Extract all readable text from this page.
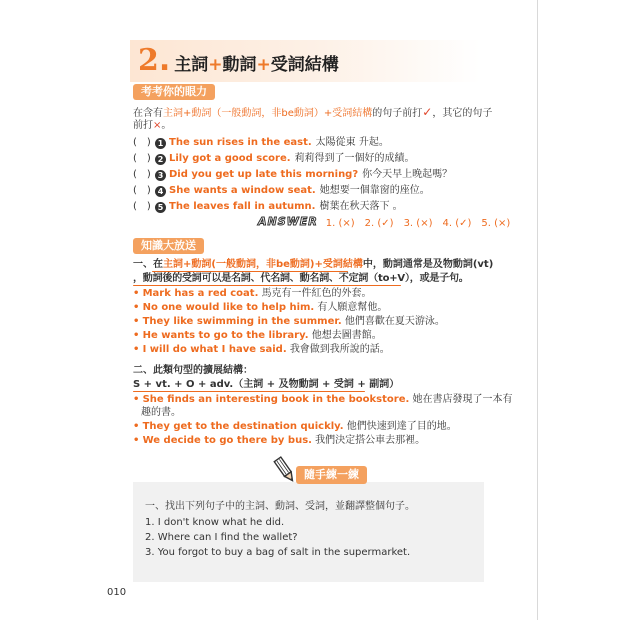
2 . 主詞 + 動詞 + 受詞結構
考考你的眼力
在含有主詞+動詞（一般動詞，非be動詞）+受詞結構的句子前打✓，其它的句子
前打×。
(　) 1 The sun rises in the east. 太陽從東 升起。
(　) 2 Lily got a good score. 莉莉得到了一個好的成績。
(　) 3 Did you get up late this morning? 你今天早上晚起嗎？
(　) 4 She wants a window seat. 她想要一個靠窗的座位。
(　) 5 The leaves fall in autumn. 樹葉在秋天落下 。
ANSWER 1. (×)　2. (✓)　3. (×)　4. (✓)　5. (×)
知識大放送
一、在主詞+動詞(一般動詞，非be動詞)+受詞結構中，動詞通常是及物動詞(vt)
，動詞後的受詞可以是名詞、代名詞、動名詞、不定詞（to+V），或是子句。
• Mark has a red coat. 馬克有一件紅色的外套。
• No one would like to help him. 有人願意幫他。
• They like swimming in the summer. 他們喜歡在夏天游泳。
• He wants to go to the library. 他想去圖書館。
• I will do what I have said. 我會做到我所說的話。
二、此類句型的擴展結構：
S + vt. + O + adv.（主詞 + 及物動詞 + 受詞 + 副詞）
• She finds an interesting book in the bookstore. 她在書店發現了一本有
趣的書。
• They get to the destination quickly. 他們快速到達了目的地。
• We decide to go there by bus. 我們決定搭公車去那裡。
隨手練一練
一、找出下列句子中的主詞、動詞、受詞，並翻譯整個句子。
1. I don't know what he did.
2. Where can I find the wallet?
3. You forgot to buy a bag of salt in the supermarket.
010
